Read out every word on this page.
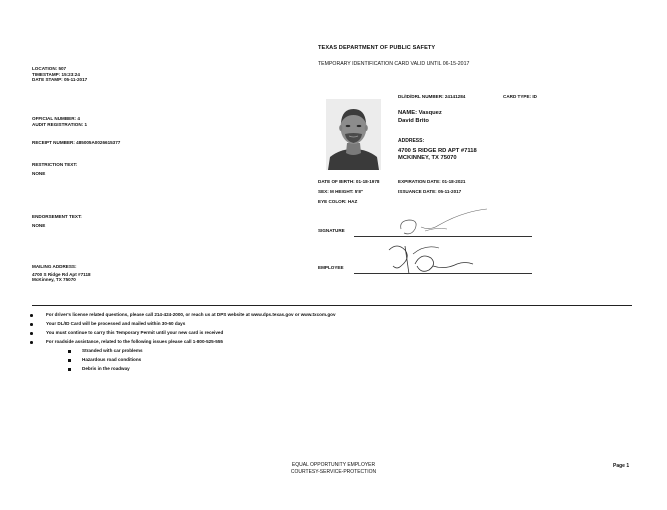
TEXAS DEPARTMENT OF PUBLIC SAFETY
TEMPORARY IDENTIFICATION CARD VALID UNTIL 06-15-2017
LOCATION: 507
TIMESTAMP: 15:23:24
DATE STAMP: 05-11-2017
OFFICIAL NUMBER: 4
AUDIT REGISTRATION: 1
RECEIPT NUMBER: 485005A0026615377
RESTRICTION TEXT:
NONE
ENDORSEMENT TEXT:
NONE
MAILING ADDRESS:
4700 S Ridge Rd Apt #7118
McKinney, TX 75070
DL/ID/DRL NUMBER: 24141284	CARD TYPE: ID
NAME: Vasquez
David Brito
ADDRESS:
4700 S RIDGE RD APT #7118
MCKINNEY, TX 75070
DATE OF BIRTH: 01-18-1978
SEX: M HEIGHT: 5'8"
EYE COLOR: HAZ
EXPIRATION DATE: 01-18-2021
ISSUANCE DATE: 05-11-2017
SIGNATURE
EMPLOYEE
For driver's license related questions, please call 214-424-2000, or reach us at DPS website at www.dps.texas.gov or www.txcom.gov
Your DL/ID Card will be processed and mailed within 30-60 days
You must continue to carry this Temporary Permit until your new card is received
For roadside assistance, related to the following issues please call 1-800-525-555
Stranded with car problems
Hazardous road conditions
Debris in the roadway
EQUAL OPPORTUNITY EMPLOYER
COURTESY-SERVICE-PROTECTION
Page 1
